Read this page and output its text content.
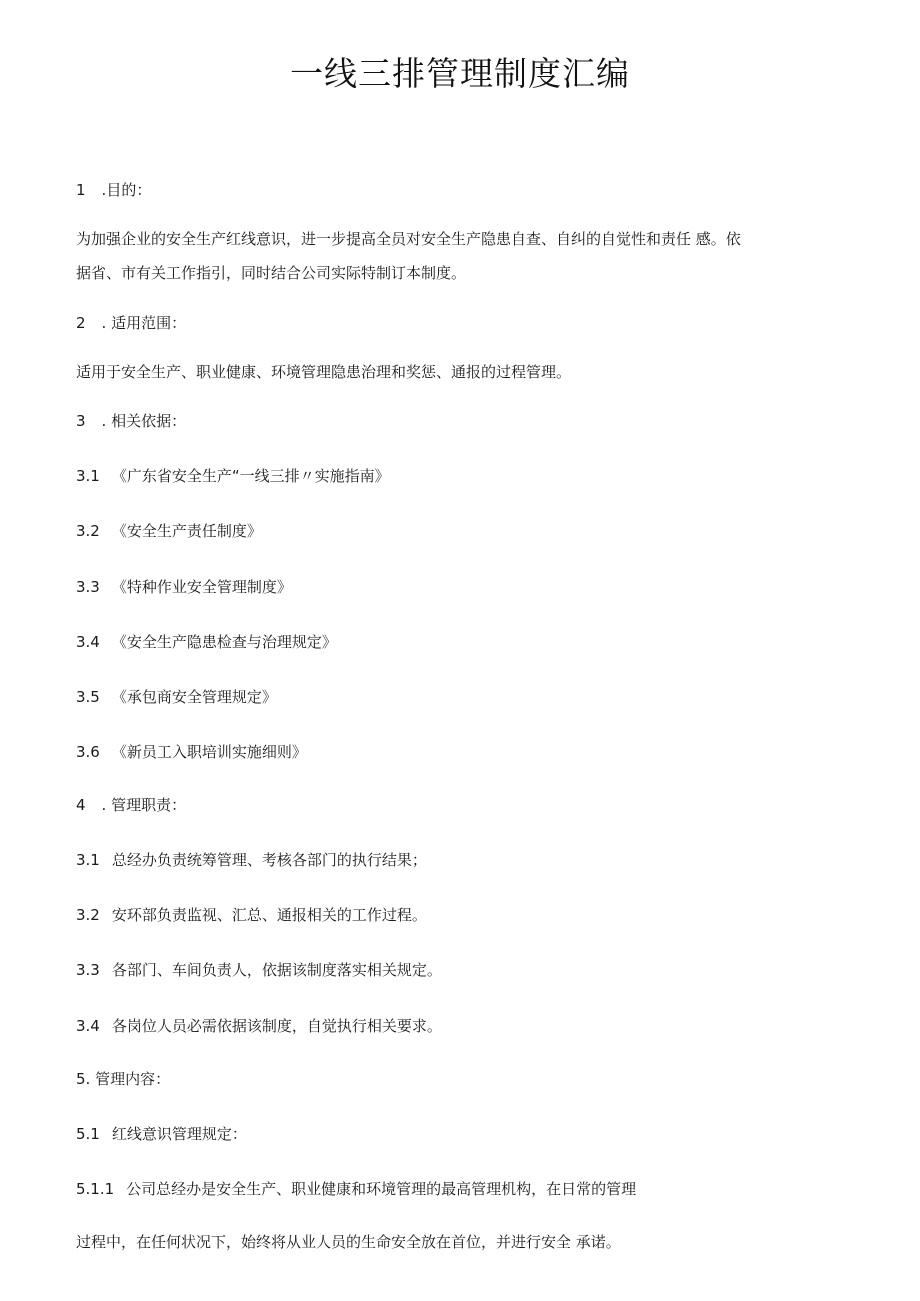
一线三排管理制度汇编
1 .目的：
为加强企业的安全生产红线意识，进一步提高全员对安全生产隐患自查、自纠的自觉性和责任 感。依
据省、市有关工作指引，同时结合公司实际特制订本制度。
2 . 适用范围：
适用于安全生产、职业健康、环境管理隐患治理和奖惩、通报的过程管理。
3 . 相关依据：
3.1 《广东省安全生产“一线三排〃实施指南》
3.2 《安全生产责任制度》
3.3 《特种作业安全管理制度》
3.4 《安全生产隐患检查与治理规定》
3.5 《承包商安全管理规定》
3.6 《新员工入职培训实施细则》
4 . 管理职责：
3.1 总经办负责统筹管理、考核各部门的执行结果；
3.2 安环部负责监视、汇总、通报相关的工作过程。
3.3 各部门、车间负责人，依据该制度落实相关规定。
3.4 各岗位人员必需依据该制度，自觉执行相关要求。
5. 管理内容：
5.1 红线意识管理规定：
5.1.1 公司总经办是安全生产、职业健康和环境管理的最高管理机构，在日常的管理
过程中，在任何状况下，始终将从业人员的生命安全放在首位，并进行安全 承诺。
